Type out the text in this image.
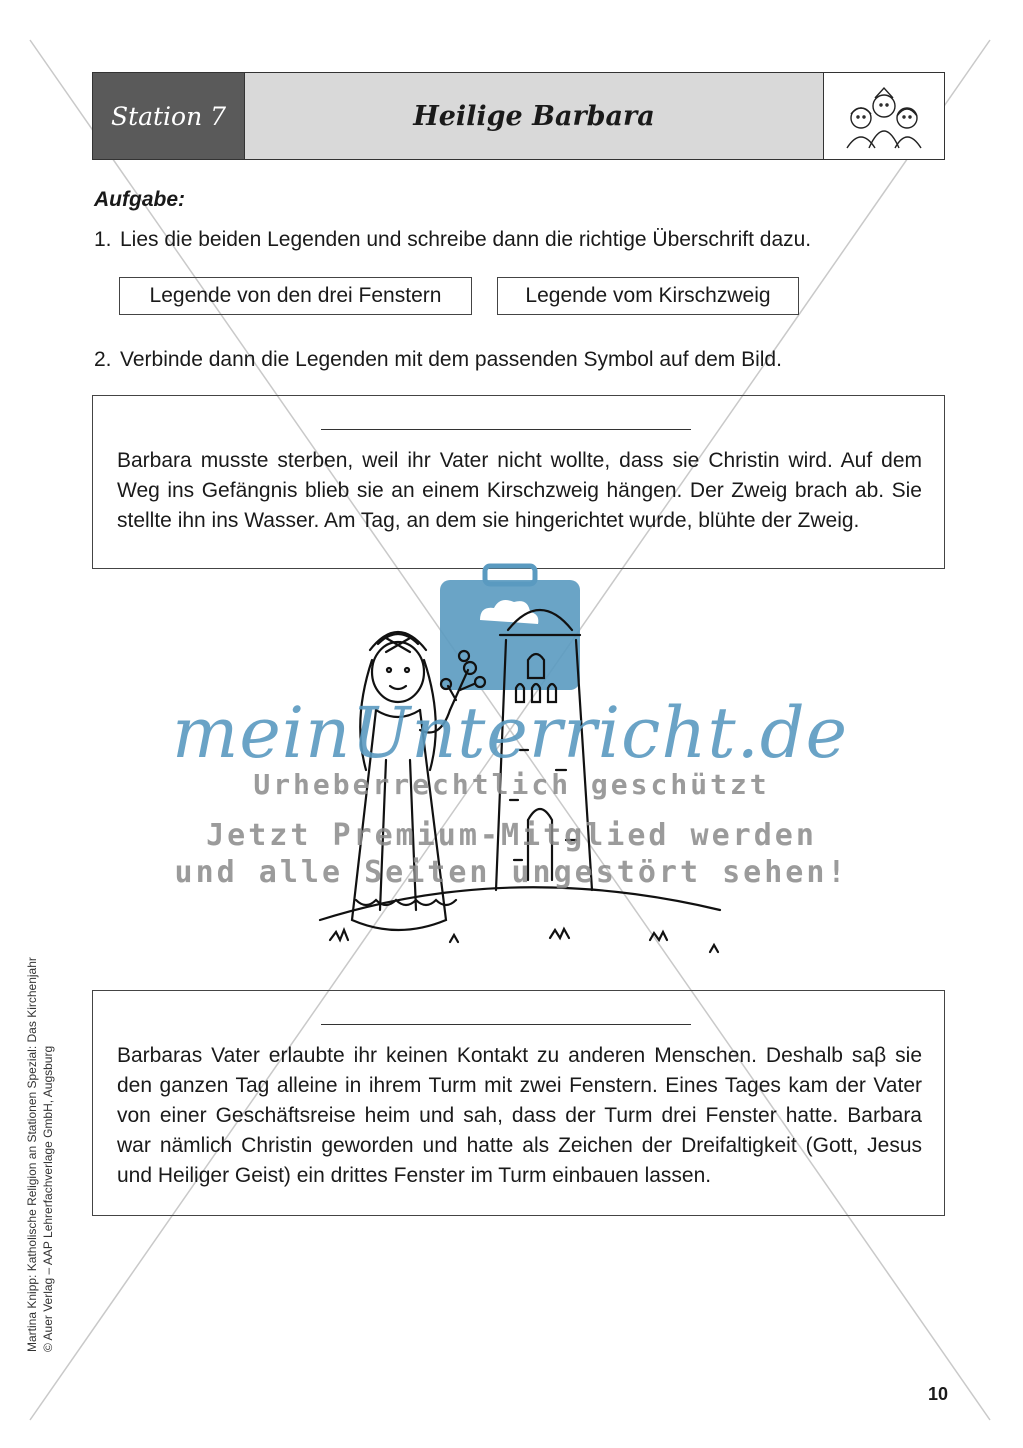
Station 7	Heilige Barbara
Aufgabe:
1. Lies die beiden Legenden und schreibe dann die richtige Überschrift dazu.
Legende von den drei Fenstern	Legende vom Kirschzweig
2. Verbinde dann die Legenden mit dem passenden Symbol auf dem Bild.
Barbara musste sterben, weil ihr Vater nicht wollte, dass sie Christin wird. Auf dem Weg ins Gefängnis blieb sie an einem Kirschzweig hängen. Der Zweig brach ab. Sie stellte ihn ins Wasser. Am Tag, an dem sie hingerichtet wurde, blühte der Zweig.
meinUnterricht.de
Urheberrechtlich geschützt
Jetzt Premium-Mitglied werden
und alle Seiten ungestört sehen!
Barbaras Vater erlaubte ihr keinen Kontakt zu anderen Menschen. Deshalb saβ sie den ganzen Tag alleine in ihrem Turm mit zwei Fenstern. Eines Tages kam der Vater von einer Geschäftsreise heim und sah, dass der Turm drei Fenster hatte. Barbara war nämlich Christin geworden und hatte als Zeichen der Dreifaltigkeit (Gott, Jesus und Heiliger Geist) ein drittes Fenster im Turm einbauen lassen.
Martina Knipp: Katholische Religion an Stationen Spezial: Das Kirchenjahr © Auer Verlag – AAP Lehrerfachverlage GmbH, Augsburg
10
